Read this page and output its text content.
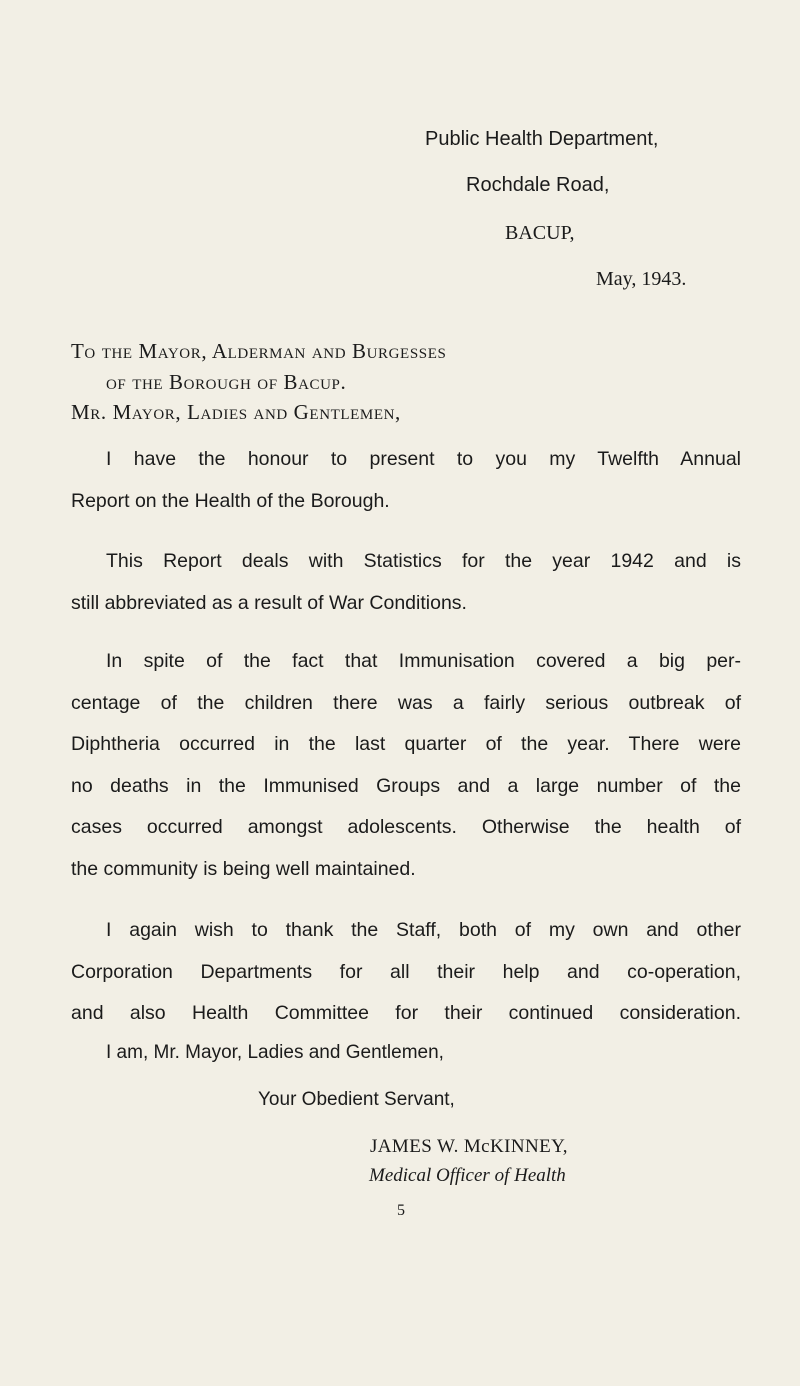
Public Health Department,
Rochdale Road,
BACUP,
May, 1943.
To the Mayor, Alderman and Burgesses
of the Borough of Bacup.
Mr. Mayor, Ladies and Gentlemen,

I have the honour to present to you my Twelfth Annual
Report on the Health of the Borough.

This Report deals with Statistics for the year 1942 and is
still abbreviated as a result of War Conditions.

In spite of the fact that Immunisation covered a big per-
centage of the children there was a fairly serious outbreak of
Diphtheria occurred in the last quarter of the year. There were
no deaths in the Immunised Groups and a large number of the
cases occurred amongst adolescents. Otherwise the health of
the community is being well maintained.

I again wish to thank the Staff, both of my own and other
Corporation Departments for all their help and co-operation,
and also Health Committee for their continued consideration.

I am, Mr. Mayor, Ladies and Gentlemen,
Your Obedient Servant,
JAMES W. McKINNEY,
Medical Officer of Health
5
